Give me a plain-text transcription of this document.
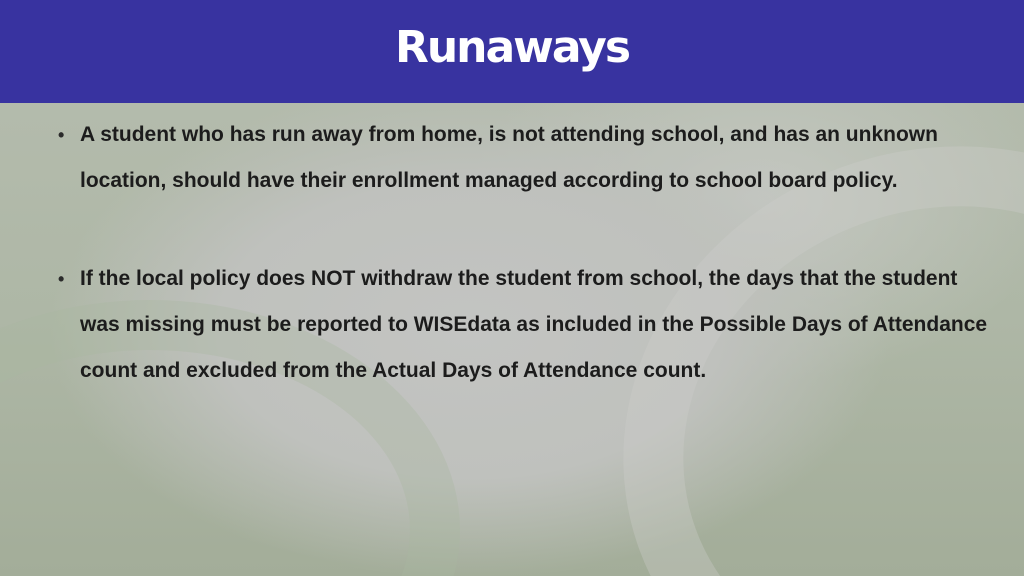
Runaways
• A student who has run away from home, is not attending school, and has an unknown location, should have their enrollment managed according to school board policy.
• If the local policy does NOT withdraw the student from school, the days that the student was missing must be reported to WISEdata as included in the Possible Days of Attendance count and excluded from the Actual Days of Attendance count.
